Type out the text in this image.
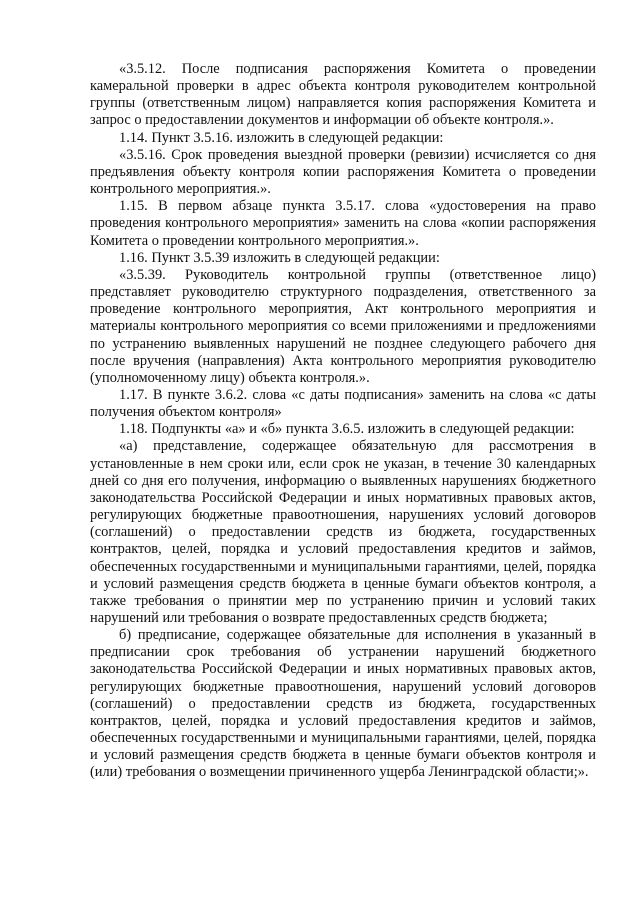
«3.5.12. После подписания распоряжения Комитета о проведении камеральной проверки в адрес объекта контроля руководителем контрольной группы (ответственным лицом) направляется копия распоряжения Комитета и запрос о предоставлении документов и информации об объекте контроля.».

1.14. Пункт 3.5.16. изложить в следующей редакции:

«3.5.16. Срок проведения выездной проверки (ревизии) исчисляется со дня предъявления объекту контроля копии распоряжения Комитета о проведении контрольного мероприятия.».

1.15. В первом абзаце пункта 3.5.17. слова «удостоверения на право проведения контрольного мероприятия» заменить на слова «копии распоряжения Комитета о проведении контрольного мероприятия.».

1.16. Пункт 3.5.39 изложить в следующей редакции:

«3.5.39. Руководитель контрольной группы (ответственное лицо) представляет руководителю структурного подразделения, ответственного за проведение контрольного мероприятия, Акт контрольного мероприятия и материалы контрольного мероприятия со всеми приложениями и предложениями по устранению выявленных нарушений не позднее следующего рабочего дня после вручения (направления) Акта контрольного мероприятия руководителю (уполномоченному лицу) объекта контроля.».

1.17. В пункте 3.6.2. слова «с даты подписания» заменить на слова «с даты получения объектом контроля»

1.18. Подпункты «а» и «б» пункта 3.6.5. изложить в следующей редакции:

«а) представление, содержащее обязательную для рассмотрения в установленные в нем сроки или, если срок не указан, в течение 30 календарных дней со дня его получения, информацию о выявленных нарушениях бюджетного законодательства Российской Федерации и иных нормативных правовых актов, регулирующих бюджетные правоотношения, нарушениях условий договоров (соглашений) о предоставлении средств из бюджета, государственных контрактов, целей, порядка и условий предоставления кредитов и займов, обеспеченных государственными и муниципальными гарантиями, целей, порядка и условий размещения средств бюджета в ценные бумаги объектов контроля, а также требования о принятии мер по устранению причин и условий таких нарушений или требования о возврате предоставленных средств бюджета;

б) предписание, содержащее обязательные для исполнения в указанный в предписании срок требования об устранении нарушений бюджетного законодательства Российской Федерации и иных нормативных правовых актов, регулирующих бюджетные правоотношения, нарушений условий договоров (соглашений) о предоставлении средств из бюджета, государственных контрактов, целей, порядка и условий предоставления кредитов и займов, обеспеченных государственными и муниципальными гарантиями, целей, порядка и условий размещения средств бюджета в ценные бумаги объектов контроля и (или) требования о возмещении причиненного ущерба Ленинградской области;».
